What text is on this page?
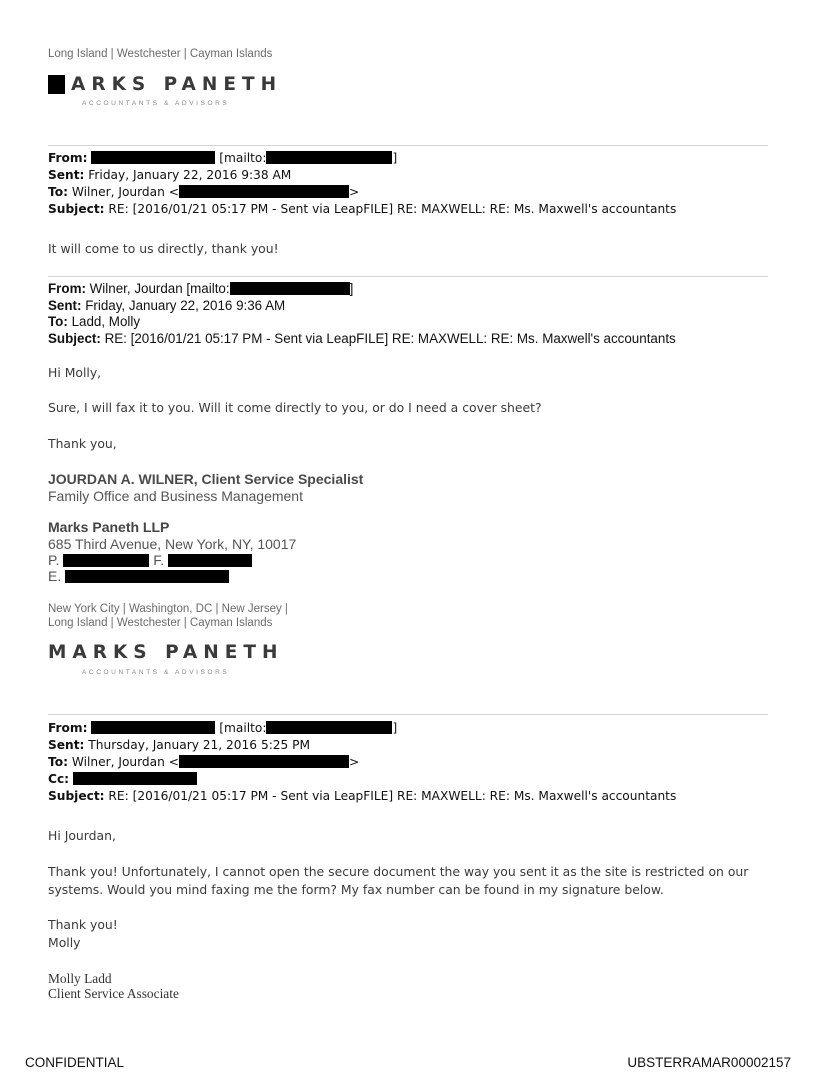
Long Island | Westchester | Cayman Islands
ARKS PANETH
ACCOUNTANTS & ADVISORS
From:	[mailto:	]
Sent: Friday, January 22, 2016 9:38 AM
To: Wilner, Jourdan <	>
Subject: RE: [2016/01/21 05:17 PM - Sent via LeapFILE] RE: MAXWELL: RE: Ms. Maxwell's accountants
It will come to us directly, thank you!
From: Wilner, Jourdan [mailto:	]
Sent: Friday, January 22, 2016 9:36 AM
To: Ladd, Molly
Subject: RE: [2016/01/21 05:17 PM - Sent via LeapFILE] RE: MAXWELL: RE: Ms. Maxwell's accountants
Hi Molly,
Sure, I will fax it to you. Will it come directly to you, or do I need a cover sheet?
Thank you,
JOURDAN A. WILNER, Client Service Specialist
Family Office and Business Management
Marks Paneth LLP
685 Third Avenue, New York, NY, 10017
P.	F.
E.
New York City | Washington, DC | New Jersey |
Long Island | Westchester | Cayman Islands
MARKS PANETH
ACCOUNTANTS & ADVISORS
From:	[mailto:	]
Sent: Thursday, January 21, 2016 5:25 PM
To: Wilner, Jourdan <	>
Cc:
Subject: RE: [2016/01/21 05:17 PM - Sent via LeapFILE] RE: MAXWELL: RE: Ms. Maxwell's accountants
Hi Jourdan,
Thank you! Unfortunately, I cannot open the secure document the way you sent it as the site is restricted on our
systems. Would you mind faxing me the form? My fax number can be found in my signature below.
Thank you!
Molly
Molly Ladd
Client Service Associate
CONFIDENTIAL	UBSTERRAMAR00002157
